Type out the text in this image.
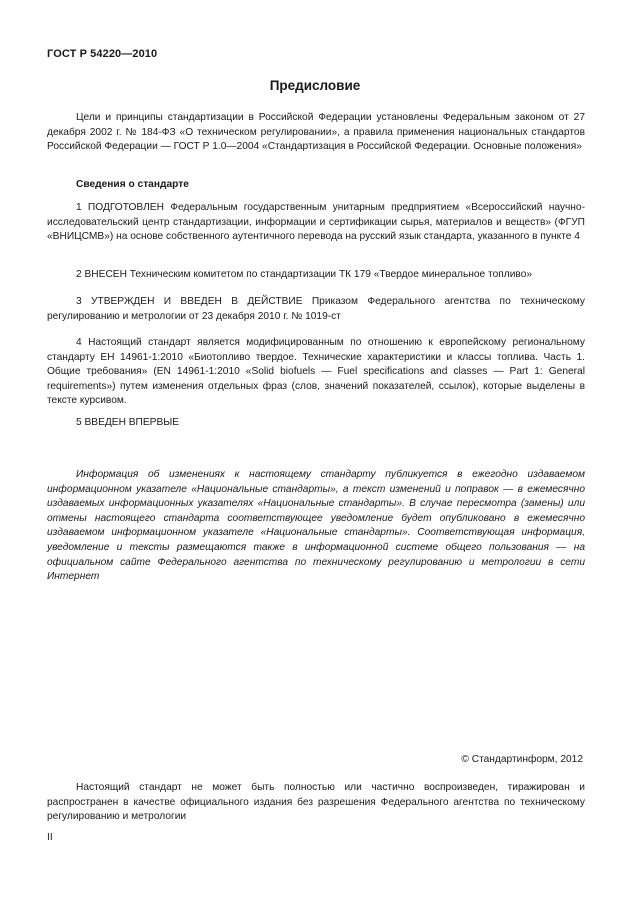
ГОСТ Р 54220—2010
Предисловие

Цели и принципы стандартизации в Российской Федерации установлены Федеральным законом от 27 декабря 2002 г. № 184-ФЗ «О техническом регулировании», а правила применения национальных стандартов Российской Федерации — ГОСТ Р 1.0—2004 «Стандартизация в Российской Федерации. Основные положения»

Сведения о стандарте

1 ПОДГОТОВЛЕН Федеральным государственным унитарным предприятием «Всероссийский научно-исследовательский центр стандартизации, информации и сертификации сырья, материалов и веществ» (ФГУП «ВНИЦСМВ») на основе собственного аутентичного перевода на русский язык стандарта, указанного в пункте 4

2 ВНЕСЕН Техническим комитетом по стандартизации ТК 179 «Твердое минеральное топливо»

3 УТВЕРЖДЕН И ВВЕДЕН В ДЕЙСТВИЕ Приказом Федерального агентства по техническому регулированию и метрологии от 23 декабря 2010 г. № 1019-ст

4 Настоящий стандарт является модифицированным по отношению к европейскому региональному стандарту ЕН 14961-1:2010 «Биотопливо твердое. Технические характеристики и классы топлива. Часть 1. Общие требования» (EN 14961-1:2010 «Solid biofuels — Fuel specifications and classes — Part 1: General requirements») путем изменения отдельных фраз (слов, значений показателей, ссылок), которые выделены в тексте курсивом.

5 ВВЕДЕН ВПЕРВЫЕ

Информация об изменениях к настоящему стандарту публикуется в ежегодно издаваемом информационном указателе «Национальные стандарты», а текст изменений и поправок — в ежемесячно издаваемых информационных указателях «Национальные стандарты». В случае пересмотра (замены) или отмены настоящего стандарта соответствующее уведомление будет опубликовано в ежемесячно издаваемом информационном указателе «Национальные стандарты». Соответствующая информация, уведомление и тексты размещаются также в информационной системе общего пользования — на официальном сайте Федерального агентства по техническому регулированию и метрологии в сети Интернет

© Стандартинформ, 2012

Настоящий стандарт не может быть полностью или частично воспроизведен, тиражирован и распространен в качестве официального издания без разрешения Федерального агентства по техническому регулированию и метрологии

II
